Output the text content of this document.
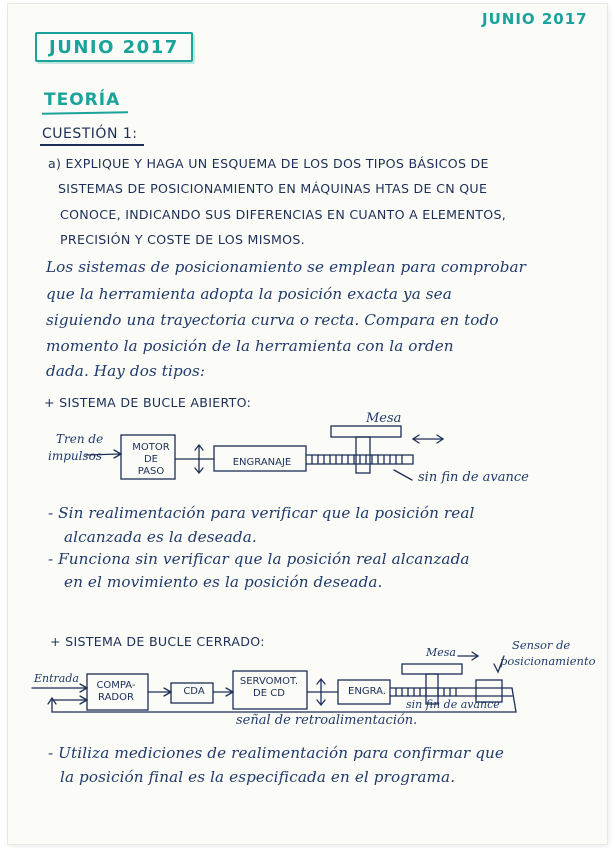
JUNIO 2017
JUNIO 2017
TEORÍA
CUESTIÓN 1:
a) EXPLIQUE Y HAGA UN ESQUEMA DE LOS DOS TIPOS BÁSICOS DE
SISTEMAS DE POSICIONAMIENTO EN MÁQUINAS HTAS DE CN QUE
CONOCE, INDICANDO SUS DIFERENCIAS EN CUANTO A ELEMENTOS,
PRECISIÓN Y COSTE DE LOS MISMOS.
Los sistemas de posicionamiento se emplean para comprobar
que la herramienta adopta la posición exacta ya sea
siguiendo una trayectoria curva o recta. Compara en todo
momento la posición de la herramienta con la orden
dada. Hay dos tipos:
+ SISTEMA DE BUCLE ABIERTO:
Tren de
impulsos
MOTOR
DE
PASO
ENGRANAJE
Mesa
sin fin de avance
- Sin realimentación para verificar que la posición real
alcanzada es la deseada.
- Funciona sin verificar que la posición real alcanzada
en el movimiento es la posición deseada.
+ SISTEMA DE BUCLE CERRADO:
Entrada
COMPA-
RADOR
CDA
SERVOMOT.
DE CD	ENGRA.
Mesa
Sensor de
posicionamiento
sin fin de avance
señal de retroalimentación.
- Utiliza mediciones de realimentación para confirmar que
la posición final es la especificada en el programa.
